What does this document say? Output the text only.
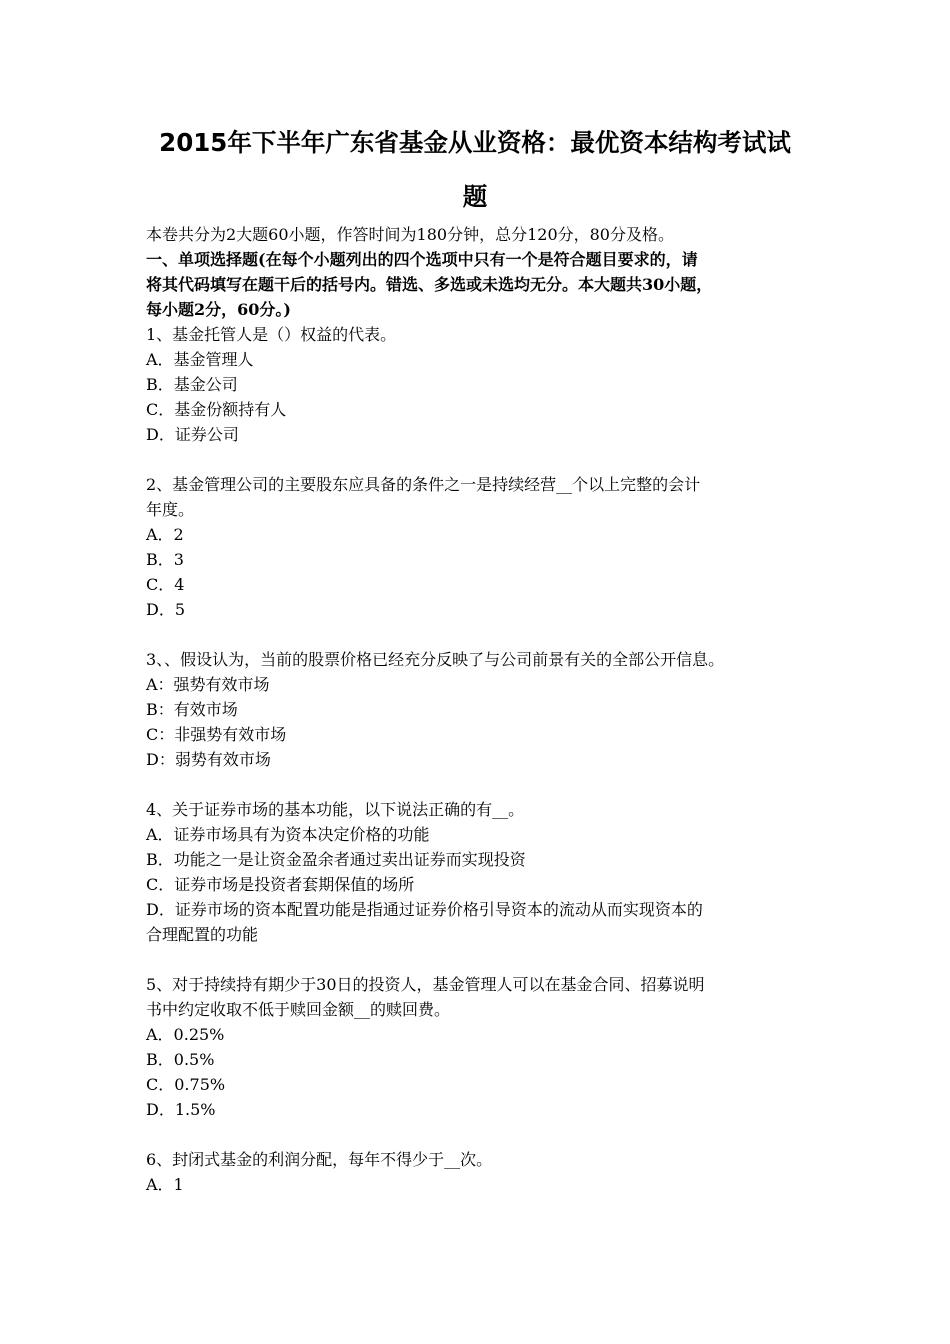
2015年下半年广东省基金从业资格：最优资本结构考试试
题
本卷共分为2大题60小题，作答时间为180分钟，总分120分，80分及格。
一、单项选择题(在每个小题列出的四个选项中只有一个是符合题目要求的，请
将其代码填写在题干后的括号内。错选、多选或未选均无分。本大题共30小题，
每小题2分，60分。)
1、基金托管人是（）权益的代表。
A．基金管理人
B．基金公司
C．基金份额持有人
D．证券公司
2、基金管理公司的主要股东应具备的条件之一是持续经营__个以上完整的会计
年度。
A．2
B．3
C．4
D．5
3、、假设认为，当前的股票价格已经充分反映了与公司前景有关的全部公开信息。
A：强势有效市场
B：有效市场
C：非强势有效市场
D：弱势有效市场
4、关于证券市场的基本功能，以下说法正确的有__。
A．证券市场具有为资本决定价格的功能
B．功能之一是让资金盈余者通过卖出证券而实现投资
C．证券市场是投资者套期保值的场所
D．证券市场的资本配置功能是指通过证券价格引导资本的流动从而实现资本的
合理配置的功能
5、对于持续持有期少于30日的投资人，基金管理人可以在基金合同、招募说明
书中约定收取不低于赎回金额__的赎回费。
A．0.25%
B．0.5%
C．0.75%
D．1.5%
6、封闭式基金的利润分配，每年不得少于__次。
A．1
